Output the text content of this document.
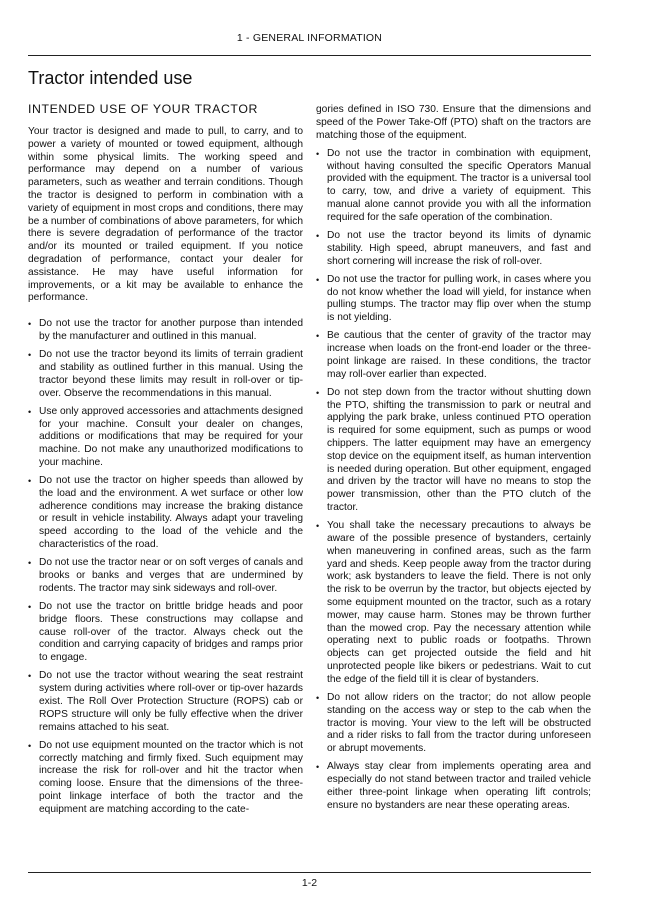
1 - GENERAL INFORMATION
Tractor intended use
INTENDED USE OF YOUR TRACTOR

Your tractor is designed and made to pull, to carry, and to power a variety of mounted or towed equipment, although within some physical limits. The working speed and performance may depend on a number of various parameters, such as weather and terrain conditions. Though the tractor is designed to perform in combination with a variety of equipment in most crops and conditions, there may be a number of combinations of above parameters, for which there is severe degradation of performance of the tractor and/or its mounted or trailed equipment. If you notice degradation of performance, contact your dealer for assistance. He may have useful information for improvements, or a kit may be available to enhance the performance.

• Do not use the tractor for another purpose than intended by the manufacturer and outlined in this manual.
• Do not use the tractor beyond its limits of terrain gradient and stability as outlined further in this manual. Using the tractor beyond these limits may result in roll-over or tip-over. Observe the recommendations in this manual.
• Use only approved accessories and attachments designed for your machine. Consult your dealer on changes, additions or modifications that may be required for your machine. Do not make any unauthorized modifications to your machine.
• Do not use the tractor on higher speeds than allowed by the load and the environment. A wet surface or other low adherence conditions may increase the braking distance or result in vehicle instability. Always adapt your traveling speed according to the load of the vehicle and the characteristics of the road.
• Do not use the tractor near or on soft verges of canals and brooks or banks and verges that are undermined by rodents. The tractor may sink sideways and roll-over.
• Do not use the tractor on brittle bridge heads and poor bridge floors. These constructions may collapse and cause roll-over of the tractor. Always check out the condition and carrying capacity of bridges and ramps prior to engage.
• Do not use the tractor without wearing the seat restraint system during activities where roll-over or tip-over hazards exist. The Roll Over Protection Structure (ROPS) cab or ROPS structure will only be fully effective when the driver remains attached to his seat.
• Do not use equipment mounted on the tractor which is not correctly matching and firmly fixed. Such equipment may increase the risk for roll-over and hit the tractor when coming loose. Ensure that the dimensions of the three-point linkage interface of both the tractor and the equipment are matching according to the cate-
gories defined in ISO 730. Ensure that the dimensions and speed of the Power Take-Off (PTO) shaft on the tractors are matching those of the equipment.
• Do not use the tractor in combination with equipment, without having consulted the specific Operators Manual provided with the equipment. The tractor is a universal tool to carry, tow, and drive a variety of equipment. This manual alone cannot provide you with all the information required for the safe operation of the combination.
• Do not use the tractor beyond its limits of dynamic stability. High speed, abrupt maneuvers, and fast and short cornering will increase the risk of roll-over.
• Do not use the tractor for pulling work, in cases where you do not know whether the load will yield, for instance when pulling stumps. The tractor may flip over when the stump is not yielding.
• Be cautious that the center of gravity of the tractor may increase when loads on the front-end loader or the three-point linkage are raised. In these conditions, the tractor may roll-over earlier than expected.
• Do not step down from the tractor without shutting down the PTO, shifting the transmission to park or neutral and applying the park brake, unless continued PTO operation is required for some equipment, such as pumps or wood chippers. The latter equipment may have an emergency stop device on the equipment itself, as human intervention is needed during operation. But other equipment, engaged and driven by the tractor will have no means to stop the power transmission, other than the PTO clutch of the tractor.
• You shall take the necessary precautions to always be aware of the possible presence of bystanders, certainly when maneuvering in confined areas, such as the farm yard and sheds. Keep people away from the tractor during work; ask bystanders to leave the field. There is not only the risk to be overrun by the tractor, but objects ejected by some equipment mounted on the tractor, such as a rotary mower, may cause harm. Stones may be thrown further than the mowed crop. Pay the necessary attention while operating next to public roads or footpaths. Thrown objects can get projected outside the field and hit unprotected people like bikers or pedestrians. Wait to cut the edge of the field till it is clear of bystanders.
• Do not allow riders on the tractor; do not allow people standing on the access way or step to the cab when the tractor is moving. Your view to the left will be obstructed and a rider risks to fall from the tractor during unforeseen or abrupt movements.
• Always stay clear from implements operating area and especially do not stand between tractor and trailed vehicle either three-point linkage when operating lift controls; ensure no bystanders are near these operating areas.
1-2
